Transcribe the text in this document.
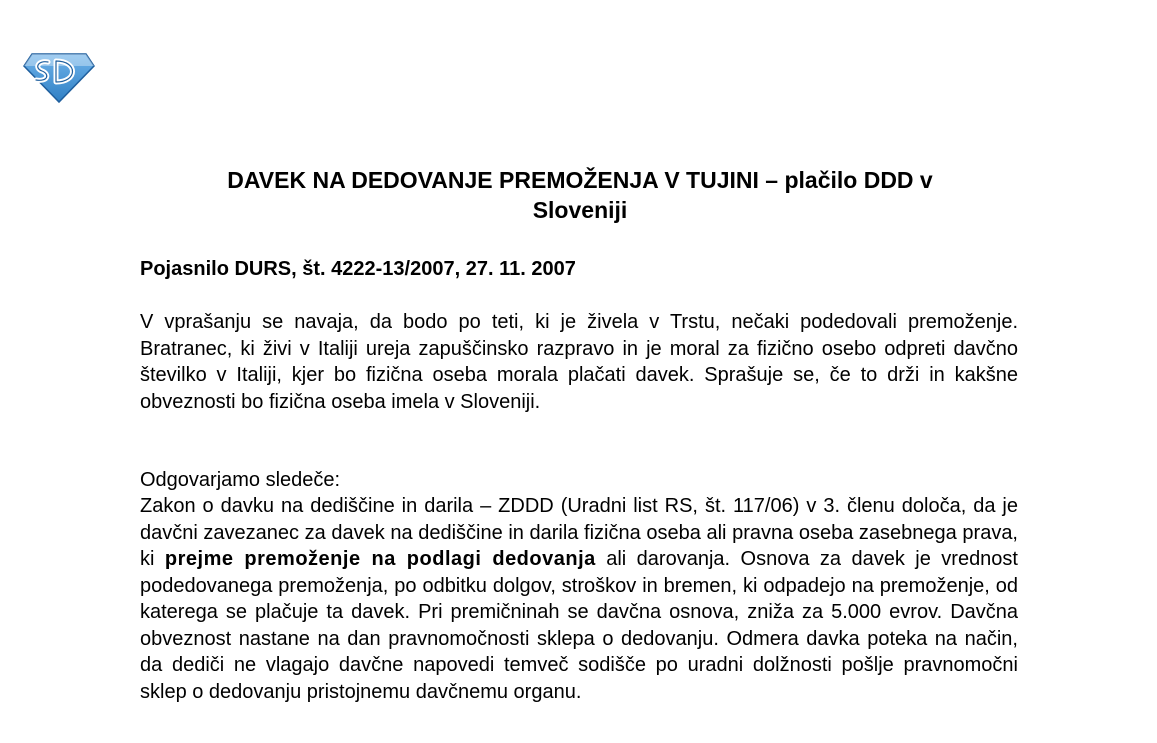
DAVEK NA DEDOVANJE PREMOŽENJA V TUJINI – plačilo DDD v
Sloveniji

Pojasnilo DURS, št. 4222-13/2007, 27. 11. 2007

V vprašanju se navaja, da bodo po teti, ki je živela v Trstu, nečaki podedovali premoženje. Bratranec, ki živi v Italiji ureja zapuščinsko razpravo in je moral za fizično osebo odpreti davčno številko v Italiji, kjer bo fizična oseba morala plačati davek. Sprašuje se, če to drži in kakšne obveznosti bo fizična oseba imela v Sloveniji.

Odgovarjamo sledeče:

Zakon o davku na dediščine in darila – ZDDD (Uradni list RS, št. 117/06) v 3. členu določa, da je davčni zavezanec za davek na dediščine in darila fizična oseba ali pravna oseba zasebnega prava, ki prejme premoženje na podlagi dedovanja ali darovanja. Osnova za davek je vrednost podedovanega premoženja, po odbitku dolgov, stroškov in bremen, ki odpadejo na premoženje, od katerega se plačuje ta davek. Pri premičninah se davčna osnova, zniža za 5.000 evrov. Davčna obveznost nastane na dan pravnomočnosti sklepa o dedovanju. Odmera davka poteka na način, da dediči ne vlagajo davčne napovedi temveč sodišče po uradni dolžnosti pošlje pravnomočni sklep o dedovanju pristojnemu davčnemu organu.
